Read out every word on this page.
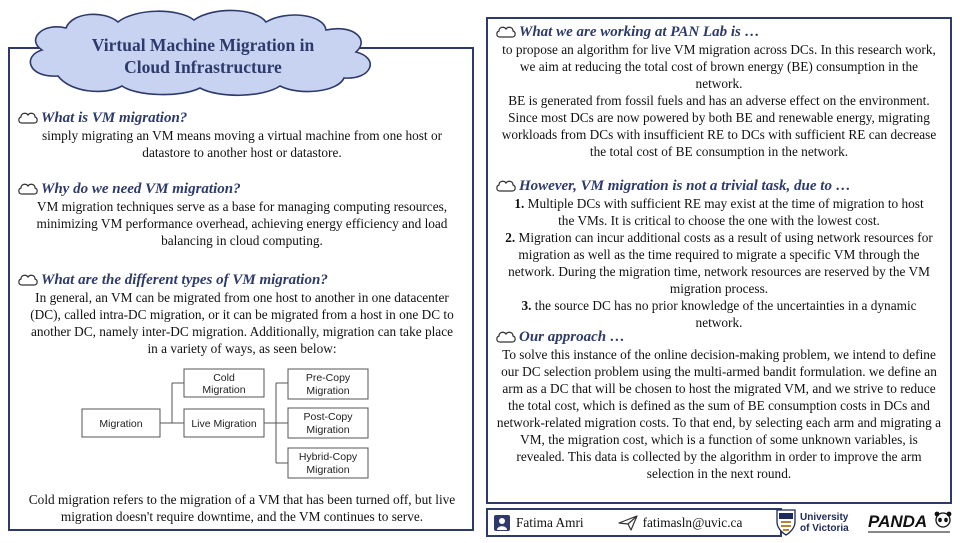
Virtual Machine Migration in
Cloud Infrastructure
What is VM migration?
simply migrating an VM means moving a virtual machine from one host or datastore to another host or datastore.
Why do we need VM migration?
VM migration techniques serve as a base for managing computing resources, minimizing VM performance overhead, achieving energy efficiency and load balancing in cloud computing.
What are the different types of VM migration?
In general, an VM can be migrated from one host to another in one datacenter (DC), called intra-DC migration, or it can be migrated from a host in one DC to another DC, namely inter-DC migration. Additionally, migration can take place in a variety of ways, as seen below:
Cold migration refers to the migration of a VM that has been turned off, but live migration doesn't require downtime, and the VM continues to serve.
Migration
Cold
Migration
Live Migration
Pre-Copy
Migration
Post-Copy
Migration
Hybrid-Copy
Migration
What we are working at PAN Lab is …
to propose an algorithm for live VM migration across DCs. In this research work, we aim at reducing the total cost of brown energy (BE) consumption in the network.
BE is generated from fossil fuels and has an adverse effect on the environment. Since most DCs are now powered by both BE and renewable energy, migrating workloads from DCs with insufficient RE to DCs with sufficient RE can decrease the total cost of BE consumption in the network.
However, VM migration is not a trivial task, due to …
1. Multiple DCs with sufficient RE may exist at the time of migration to host the VMs. It is critical to choose the one with the lowest cost.
2. Migration can incur additional costs as a result of using network resources for migration as well as the time required to migrate a specific VM through the network. During the migration time, network resources are reserved by the VM migration process.
3. the source DC has no prior knowledge of the uncertainties in a dynamic network.
Our approach …
To solve this instance of the online decision-making problem, we intend to define our DC selection problem using the multi-armed bandit formulation. we define an arm as a DC that will be chosen to host the migrated VM, and we strive to reduce the total cost, which is defined as the sum of BE consumption costs in DCs and network-related migration costs. To that end, by selecting each arm and migrating a VM, the migration cost, which is a function of some unknown variables, is revealed. This data is collected by the algorithm in order to improve the arm selection in the next round.
Fatima Amri	fatimasln@uvic.ca	University
of Victoria PANDA
